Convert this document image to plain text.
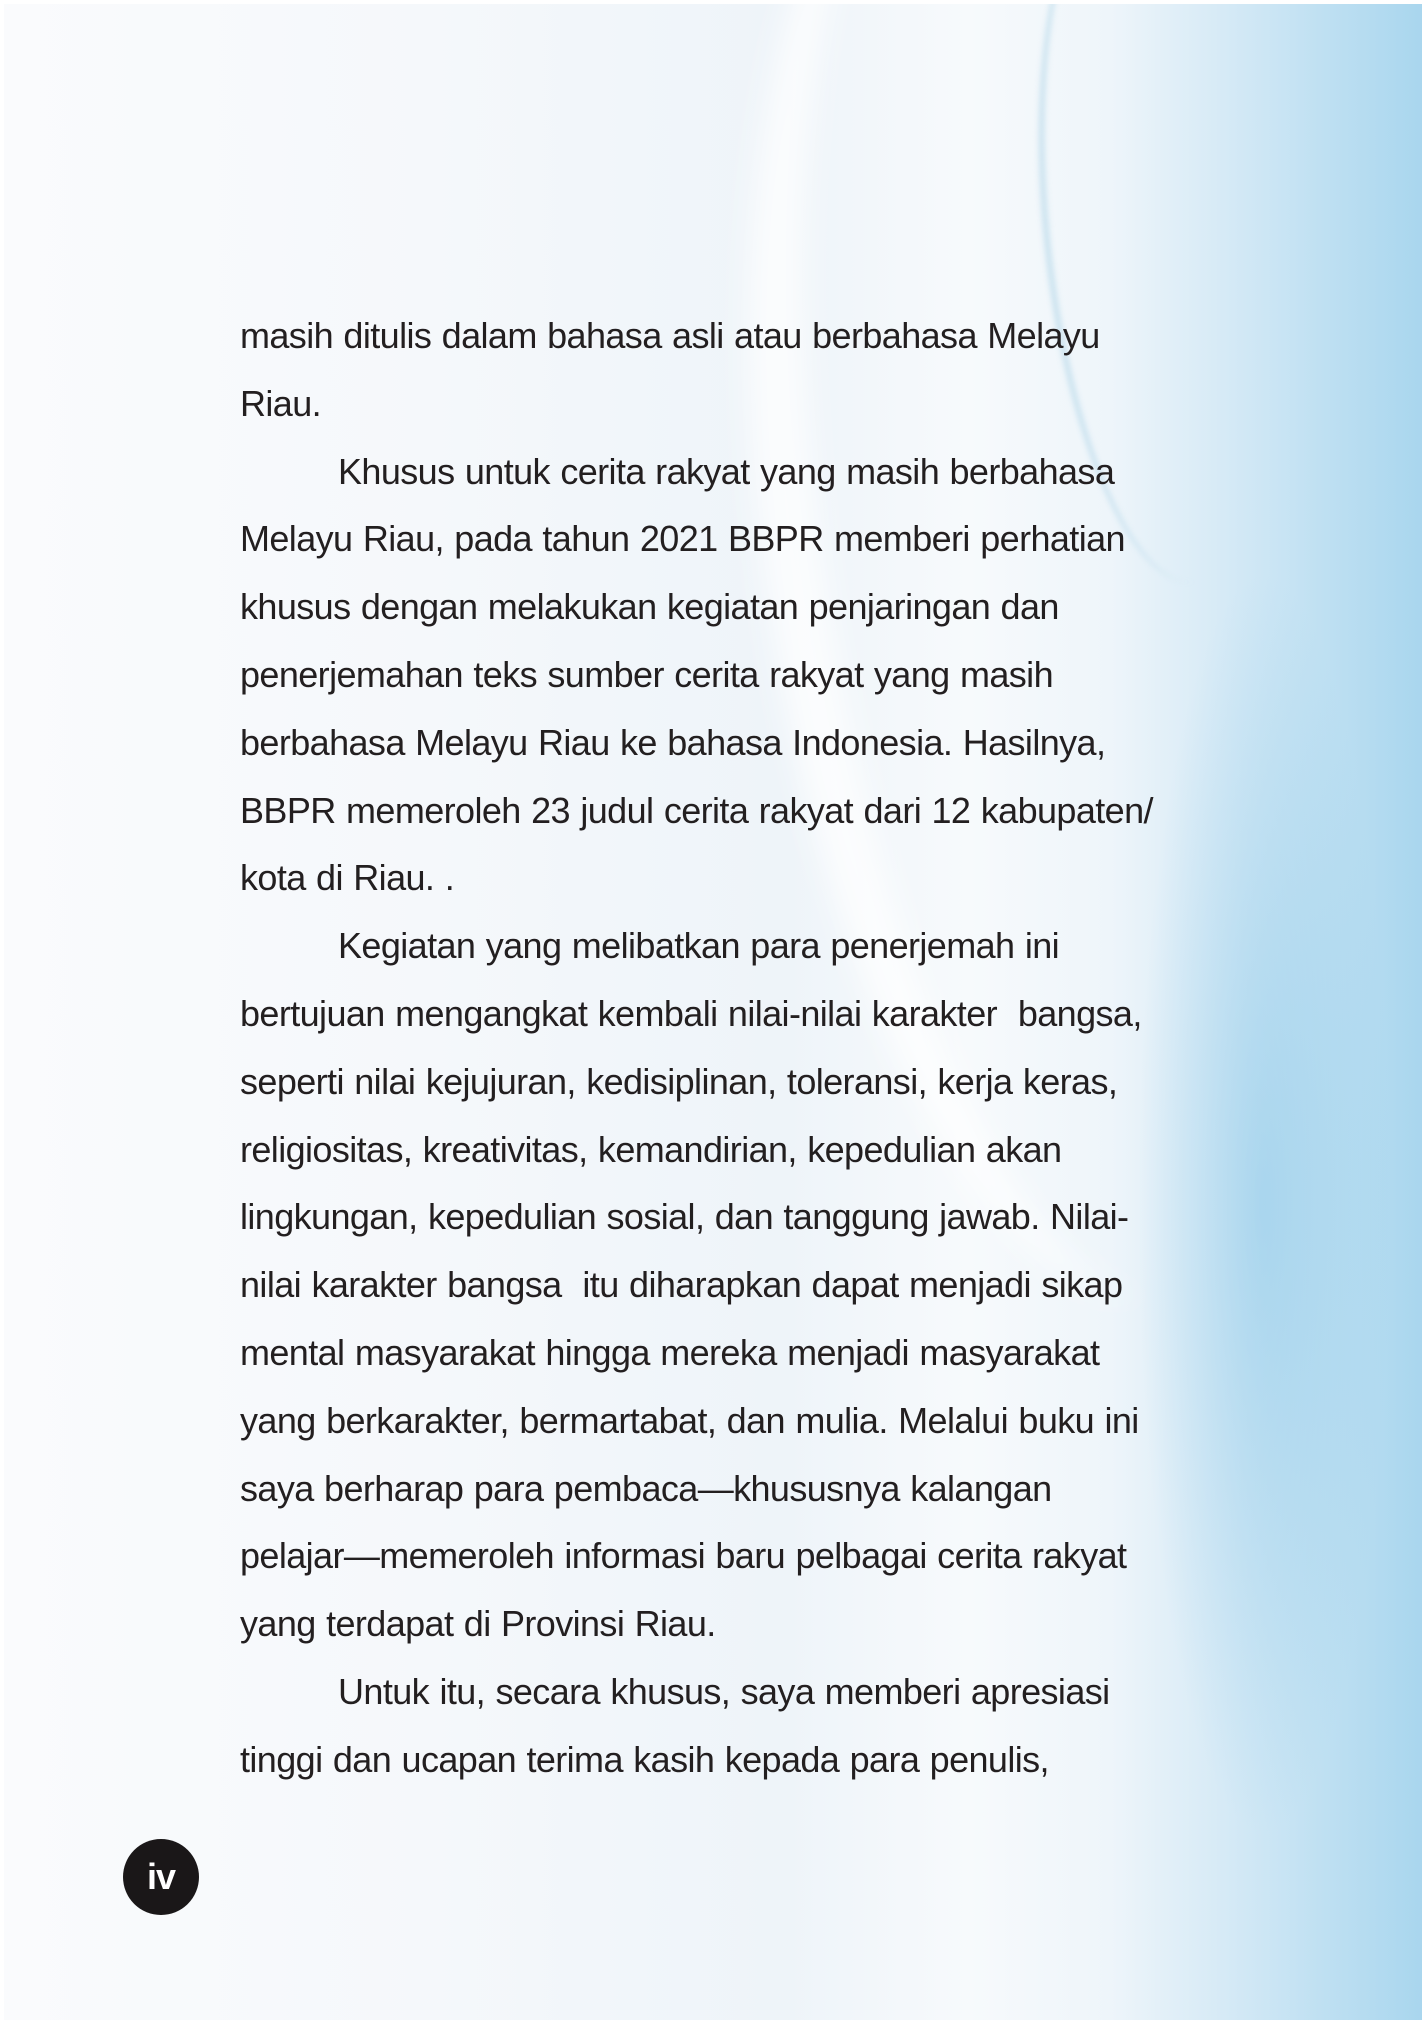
masih ditulis dalam bahasa asli atau berbahasa Melayu
Riau.
Khusus untuk cerita rakyat yang masih berbahasa
Melayu Riau, pada tahun 2021 BBPR memberi perhatian
khusus dengan melakukan kegiatan penjaringan dan
penerjemahan teks sumber cerita rakyat yang masih
berbahasa Melayu Riau ke bahasa Indonesia. Hasilnya,
BBPR memeroleh 23 judul cerita rakyat dari 12 kabupaten/
kota di Riau. .
Kegiatan yang melibatkan para penerjemah ini
bertujuan mengangkat kembali nilai-nilai karakter  bangsa,
seperti nilai kejujuran, kedisiplinan, toleransi, kerja keras,
religiositas, kreativitas, kemandirian, kepedulian akan
lingkungan, kepedulian sosial, dan tanggung jawab. Nilai-
nilai karakter bangsa  itu diharapkan dapat menjadi sikap
mental masyarakat hingga mereka menjadi masyarakat
yang berkarakter, bermartabat, dan mulia. Melalui buku ini
saya berharap para pembaca—khususnya kalangan
pelajar—memeroleh informasi baru pelbagai cerita rakyat
yang terdapat di Provinsi Riau.
Untuk itu, secara khusus, saya memberi apresiasi
tinggi dan ucapan terima kasih kepada para penulis,
iv
